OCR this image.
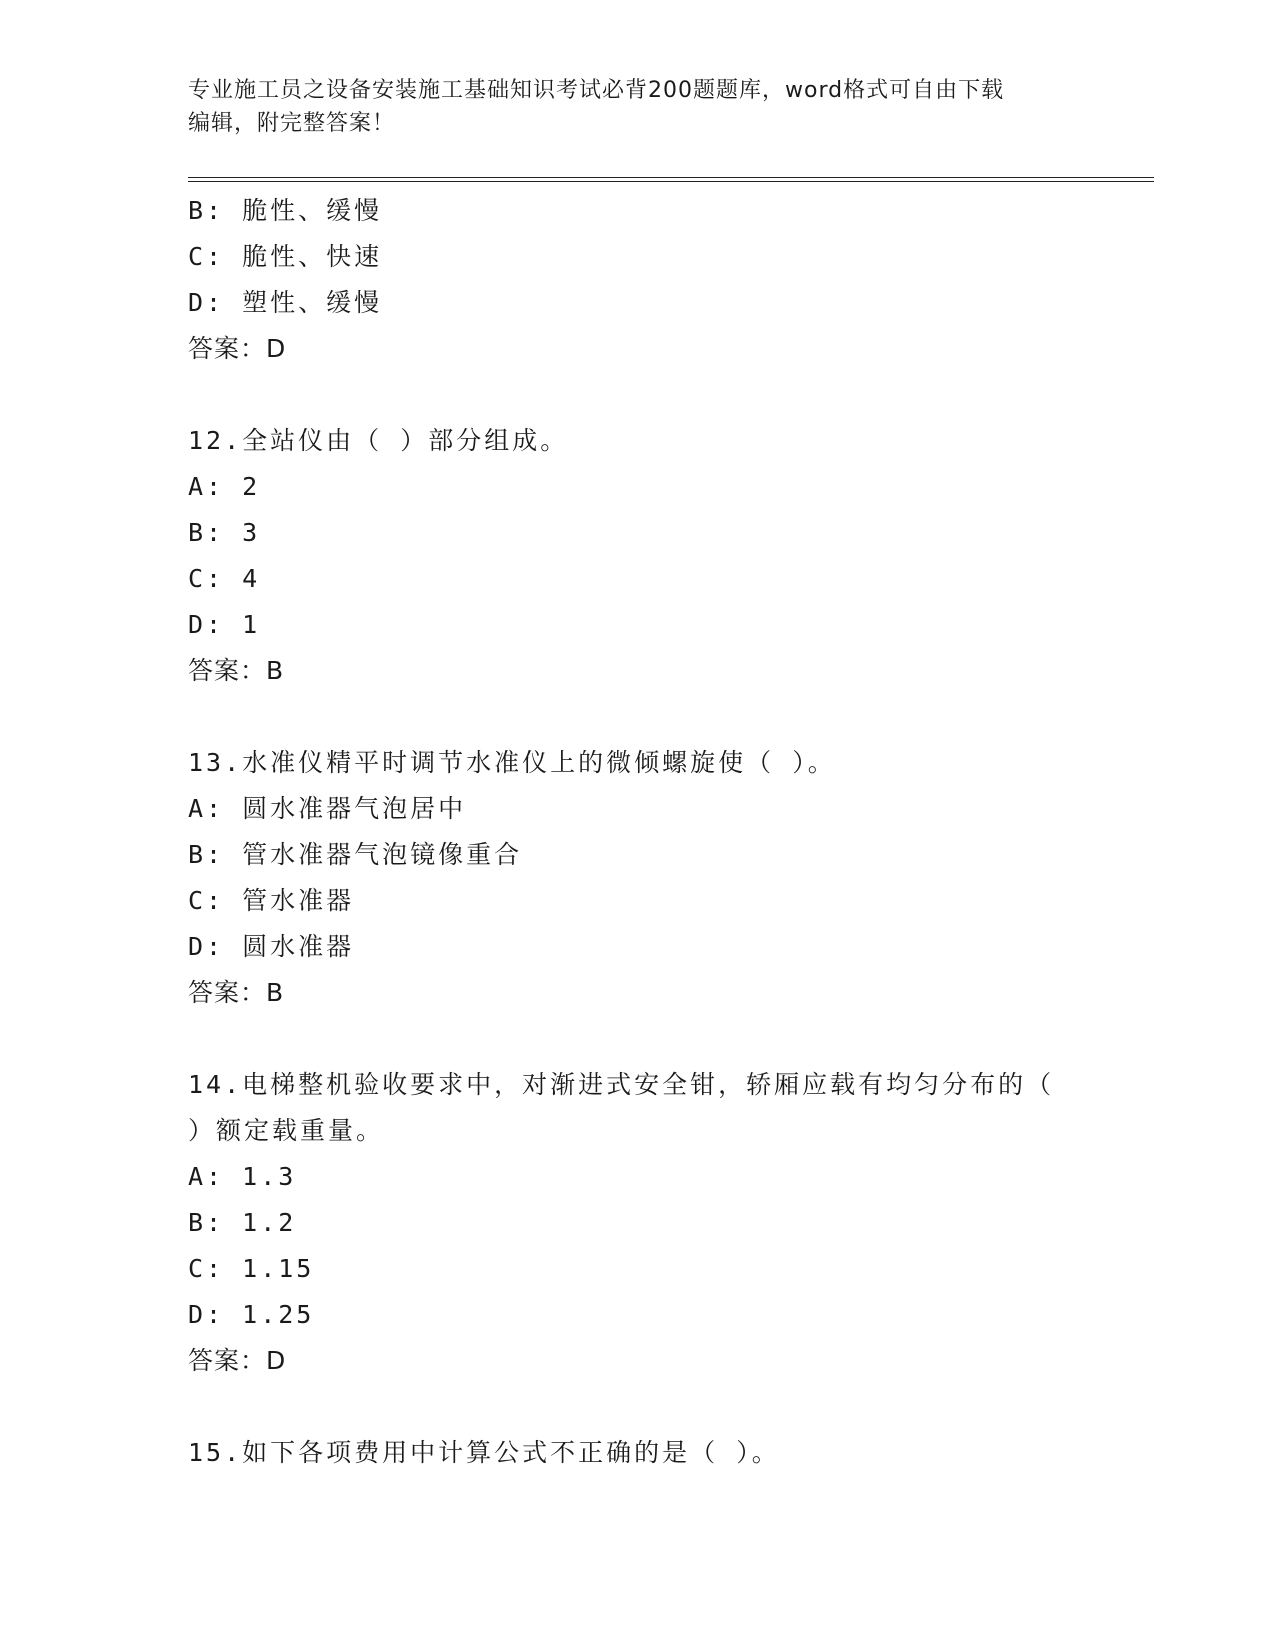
专业施工员之设备安装施工基础知识考试必背200题题库，word格式可自由下载
编辑，附完整答案！
B: 脆性、缓慢
C: 脆性、快速
D: 塑性、缓慢
答案：D
12.全站仪由（ ）部分组成。
A: 2
B: 3
C: 4
D: 1
答案：B
13.水准仪精平时调节水准仪上的微倾螺旋使（ ）。
A: 圆水准器气泡居中
B: 管水准器气泡镜像重合
C: 管水准器
D: 圆水准器
答案：B
14.电梯整机验收要求中，对渐进式安全钳，轿厢应载有均匀分布的（
）额定载重量。
A: 1.3
B: 1.2
C: 1.15
D: 1.25
答案：D
15.如下各项费用中计算公式不正确的是（ ）。
